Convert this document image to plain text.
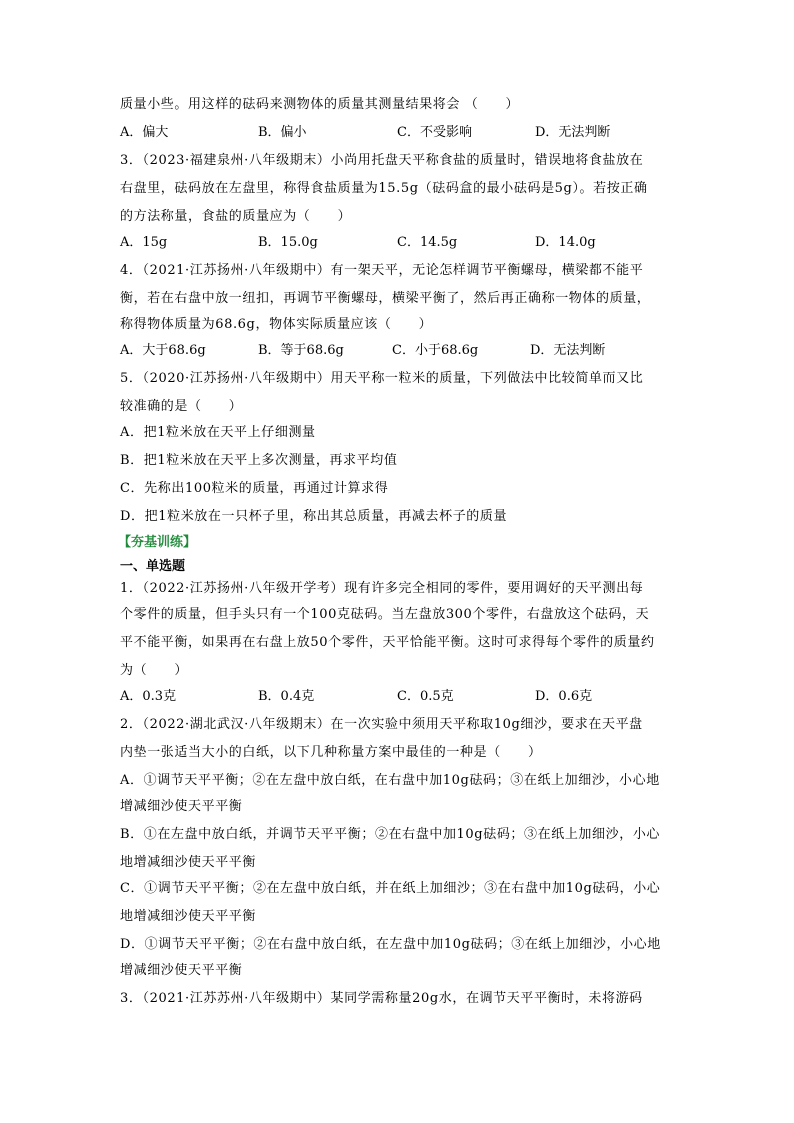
质量小些。用这样的砝码来测物体的质量其测量结果将会 （　　）
A．偏大	B．偏小	C．不受影响	D．无法判断
3．（2023·福建泉州·八年级期末）小尚用托盘天平称食盐的质量时，错误地将食盐放在
右盘里，砝码放在左盘里，称得食盐质量为15.5g（砝码盒的最小砝码是5g）。若按正确
的方法称量，食盐的质量应为（　　）
A．15g	B．15.0g	C．14.5g	D．14.0g
4．（2021·江苏扬州·八年级期中）有一架天平，无论怎样调节平衡螺母，横梁都不能平
衡，若在右盘中放一纽扣，再调节平衡螺母，横梁平衡了，然后再正确称一物体的质量，
称得物体质量为68.6g，物体实际质量应该（　　）
A．大于68.6g	B．等于68.6g	C．小于68.6g	D．无法判断
5．（2020·江苏扬州·八年级期中）用天平称一粒米的质量，下列做法中比较简单而又比
较准确的是（　　）
A．把1粒米放在天平上仔细测量
B．把1粒米放在天平上多次测量，再求平均值
C．先称出100粒米的质量，再通过计算求得
D．把1粒米放在一只杯子里，称出其总质量，再减去杯子的质量
【夯基训练】
一、单选题
1．（2022·江苏扬州·八年级开学考）现有许多完全相同的零件，要用调好的天平测出每
个零件的质量，但手头只有一个100克砝码。当左盘放300个零件，右盘放这个砝码，天
平不能平衡，如果再在右盘上放50个零件，天平恰能平衡。这时可求得每个零件的质量约
为（　　）
A．0.3克	B．0.4克	C．0.5克	D．0.6克
2．（2022·湖北武汉·八年级期末）在一次实验中须用天平称取10g细沙，要求在天平盘
内垫一张适当大小的白纸，以下几种称量方案中最佳的一种是（　　）
A．①调节天平平衡；②在左盘中放白纸，在右盘中加10g砝码；③在纸上加细沙，小心地
增减细沙使天平平衡
B．①在左盘中放白纸，并调节天平平衡；②在右盘中加10g砝码；③在纸上加细沙，小心
地增减细沙使天平平衡
C．①调节天平平衡；②在左盘中放白纸，并在纸上加细沙；③在右盘中加10g砝码，小心
地增减细沙使天平平衡
D．①调节天平平衡；②在右盘中放白纸，在左盘中加10g砝码；③在纸上加细沙，小心地
增减细沙使天平平衡
3．（2021·江苏苏州·八年级期中）某同学需称量20g水，在调节天平平衡时，未将游码
